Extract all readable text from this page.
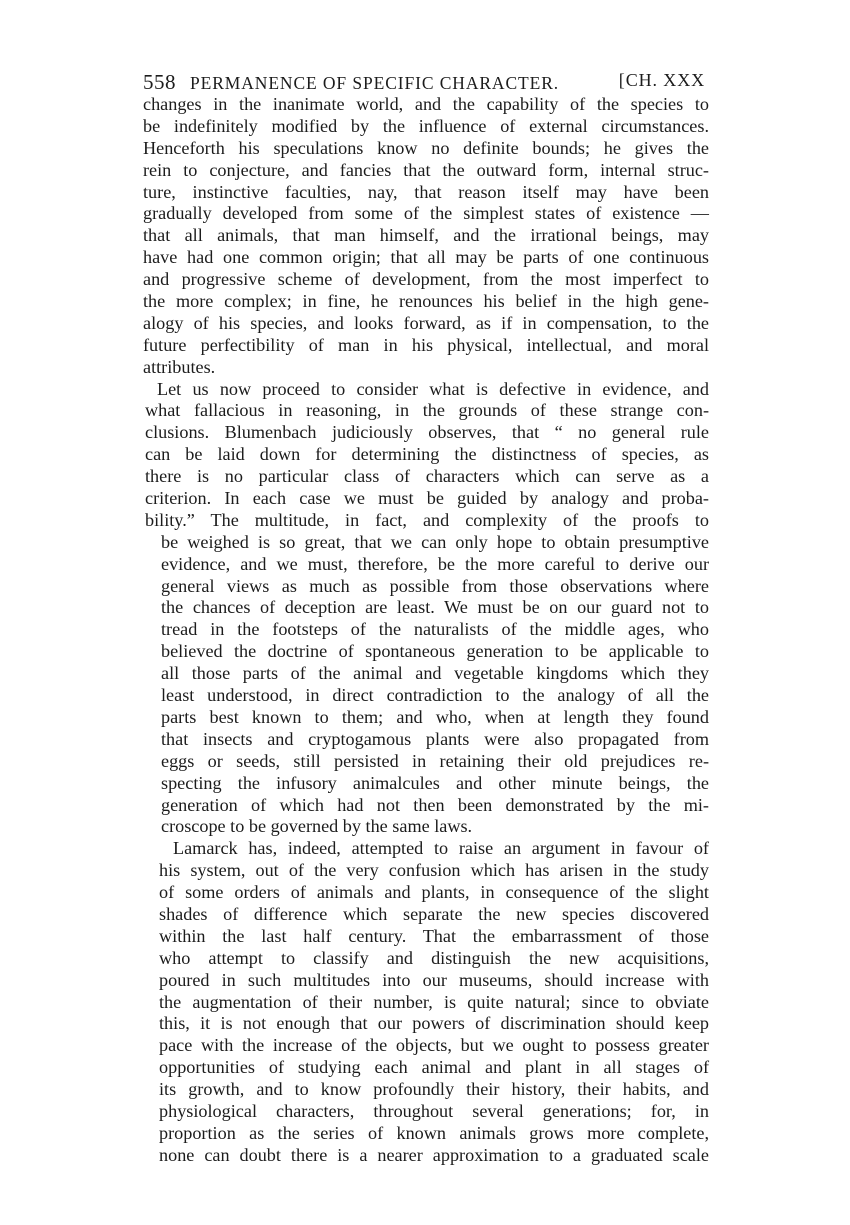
558 PERMANENCE OF SPECIFIC CHARACTER.	[CH. XXX
changes in the inanimate world, and the capability of the species to
be indefinitely modified by the influence of external circumstances.
Henceforth his speculations know no definite bounds; he gives the
rein to conjecture, and fancies that the outward form, internal struc-
ture, instinctive faculties, nay, that reason itself may have been
gradually developed from some of the simplest states of existence —
that all animals, that man himself, and the irrational beings, may
have had one common origin; that all may be parts of one continuous
and progressive scheme of development, from the most imperfect to
the more complex; in fine, he renounces his belief in the high gene-
alogy of his species, and looks forward, as if in compensation, to the
future perfectibility of man in his physical, intellectual, and moral
attributes.
Let us now proceed to consider what is defective in evidence, and
what fallacious in reasoning, in the grounds of these strange con-
clusions. Blumenbach judiciously observes, that “ no general rule
can be laid down for determining the distinctness of species, as
there is no particular class of characters which can serve as a
criterion. In each case we must be guided by analogy and proba-
bility.” The multitude, in fact, and complexity of the proofs to
be weighed is so great, that we can only hope to obtain presumptive
evidence, and we must, therefore, be the more careful to derive our
general views as much as possible from those observations where
the chances of deception are least. We must be on our guard not to
tread in the footsteps of the naturalists of the middle ages, who
believed the doctrine of spontaneous generation to be applicable to
all those parts of the animal and vegetable kingdoms which they
least understood, in direct contradiction to the analogy of all the
parts best known to them; and who, when at length they found
that insects and cryptogamous plants were also propagated from
eggs or seeds, still persisted in retaining their old prejudices re-
specting the infusory animalcules and other minute beings, the
generation of which had not then been demonstrated by the mi-
croscope to be governed by the same laws.
Lamarck has, indeed, attempted to raise an argument in favour of
his system, out of the very confusion which has arisen in the study
of some orders of animals and plants, in consequence of the slight
shades of difference which separate the new species discovered
within the last half century. That the embarrassment of those
who attempt to classify and distinguish the new acquisitions,
poured in such multitudes into our museums, should increase with
the augmentation of their number, is quite natural; since to obviate
this, it is not enough that our powers of discrimination should keep
pace with the increase of the objects, but we ought to possess greater
opportunities of studying each animal and plant in all stages of
its growth, and to know profoundly their history, their habits, and
physiological characters, throughout several generations; for, in
proportion as the series of known animals grows more complete,
none can doubt there is a nearer approximation to a graduated scale
